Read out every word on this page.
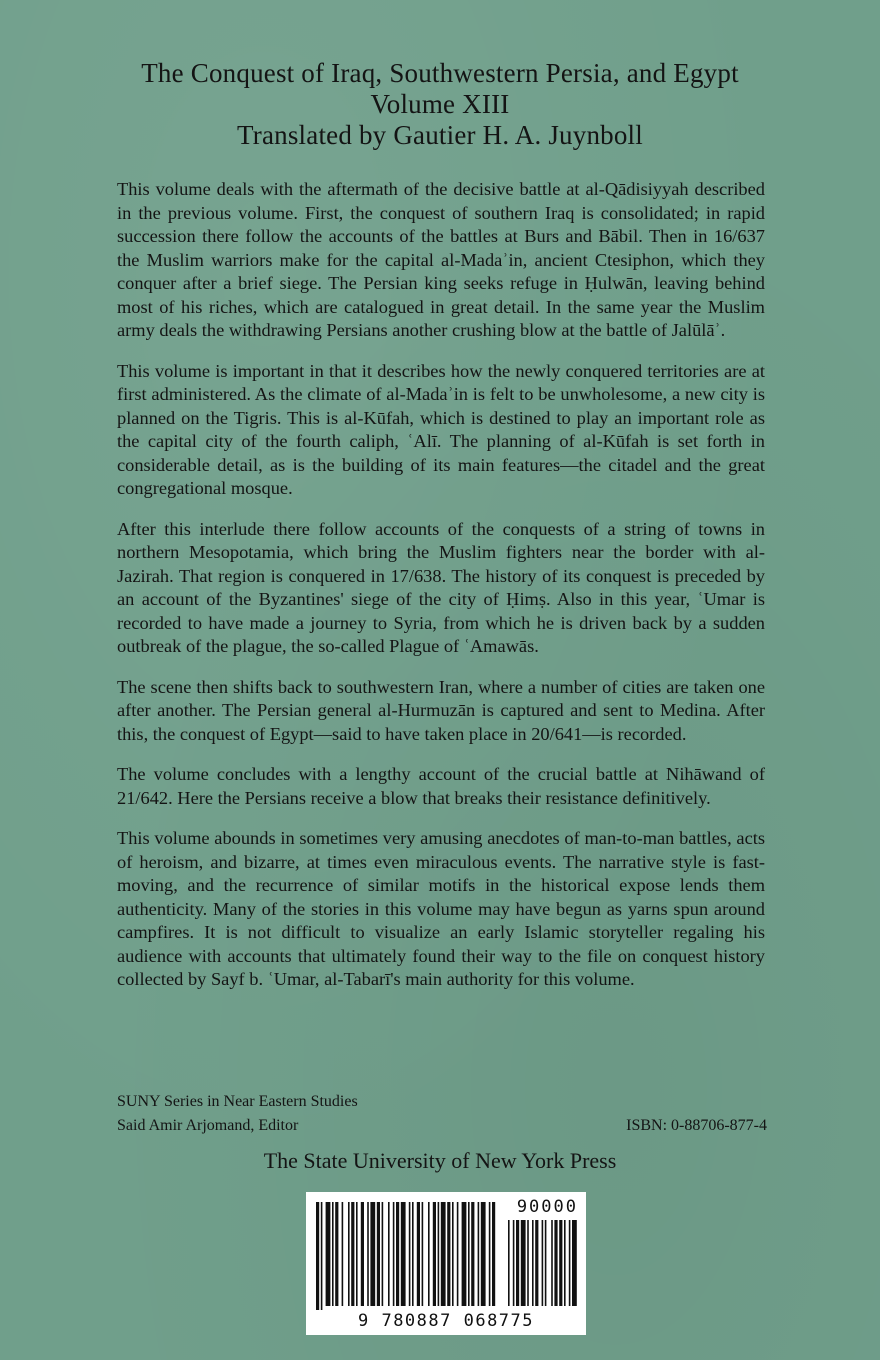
The Conquest of Iraq, Southwestern Persia, and Egypt
Volume XIII
Translated by Gautier H. A. Juynboll

This volume deals with the aftermath of the decisive battle at al-Qādisiyyah described in the previous volume. First, the conquest of southern Iraq is consolidated; in rapid succession there follow the accounts of the battles at Burs and Bābil. Then in 16/637 the Muslim warriors make for the capital al-Madaʾin, ancient Ctesiphon, which they conquer after a brief siege. The Persian king seeks refuge in Ḥulwān, leaving behind most of his riches, which are catalogued in great detail. In the same year the Muslim army deals the withdrawing Persians another crushing blow at the battle of Jalūlāʾ.

This volume is important in that it describes how the newly conquered territories are at first administered. As the climate of al-Madaʾin is felt to be unwholesome, a new city is planned on the Tigris. This is al-Kūfah, which is destined to play an important role as the capital city of the fourth caliph, ʿAlī. The planning of al-Kūfah is set forth in considerable detail, as is the building of its main features—the citadel and the great congregational mosque.

After this interlude there follow accounts of the conquests of a string of towns in northern Mesopotamia, which bring the Muslim fighters near the border with al-Jazirah. That region is conquered in 17/638. The history of its conquest is preceded by an account of the Byzantines' siege of the city of Ḥimṣ. Also in this year, ʿUmar is recorded to have made a journey to Syria, from which he is driven back by a sudden outbreak of the plague, the so-called Plague of ʿAmawās.

The scene then shifts back to southwestern Iran, where a number of cities are taken one after another. The Persian general al-Hurmuzān is captured and sent to Medina. After this, the conquest of Egypt—said to have taken place in 20/641—is recorded.

The volume concludes with a lengthy account of the crucial battle at Nihāwand of 21/642. Here the Persians receive a blow that breaks their resistance definitively.

This volume abounds in sometimes very amusing anecdotes of man-to-man battles, acts of heroism, and bizarre, at times even miraculous events. The narrative style is fast-moving, and the recurrence of similar motifs in the historical expose lends them authenticity. Many of the stories in this volume may have begun as yarns spun around campfires. It is not difficult to visualize an early Islamic storyteller regaling his audience with accounts that ultimately found their way to the file on conquest history collected by Sayf b. ʿUmar, al-Tabarī's main authority for this volume.

SUNY Series in Near Eastern Studies
Said Amir Arjomand, Editor	ISBN: 0-88706-877-4
The State University of New York Press
90000
9 780887 068775
